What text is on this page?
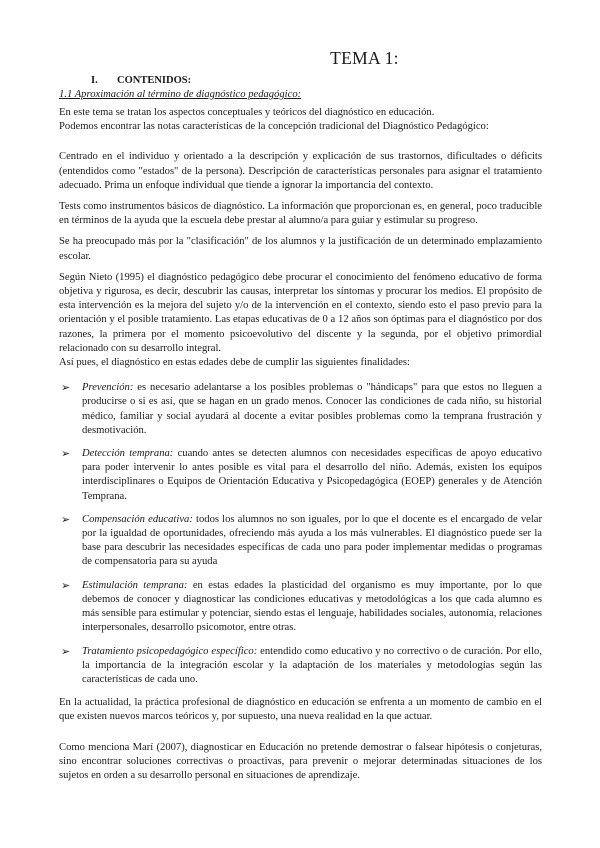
TEMA 1:
I. CONTENIDOS:
1.1 Aproximación al término de diagnóstico pedagógico:

En este tema se tratan los aspectos conceptuales y teóricos del diagnóstico en educación.

Podemos encontrar las notas características de la concepción tradicional del Diagnóstico Pedagógico:

Centrado en el individuo y orientado a la descripción y explicación de sus trastornos, dificultades o déficits (entendidos como "estados" de la persona). Descripción de características personales para asignar el tratamiento adecuado. Prima un enfoque individual que tiende a ignorar la importancia del contexto.

Tests como instrumentos básicos de diagnóstico. La información que proporcionan es, en general, poco traducible en términos de la ayuda que la escuela debe prestar al alumno/a para guiar y estimular su progreso.

Se ha preocupado más por la "clasificación" de los alumnos y la justificación de un determinado emplazamiento escolar.

Según Nieto (1995) el diagnóstico pedagógico debe procurar el conocimiento del fenómeno educativo de forma objetiva y rigurosa, es decir, descubrir las causas, interpretar los síntomas y procurar los medios. El propósito de esta intervención es la mejora del sujeto y/o de la intervención en el contexto, siendo esto el paso previo para la orientación y el posible tratamiento. Las etapas educativas de 0 a 12 años son óptimas para el diagnóstico por dos razones, la primera por el momento psicoevolutivo del discente y la segunda, por el objetivo primordial relacionado con su desarrollo integral.

Así pues, el diagnóstico en estas edades debe de cumplir las siguientes finalidades:

➢ Prevención: es necesario adelantarse a los posibles problemas o "hándicaps" para que estos no lleguen a producirse o si es así, que se hagan en un grado menos. Conocer las condiciones de cada niño, su historial médico, familiar y social ayudará al docente a evitar posibles problemas como la temprana frustración y desmotivación.
➢ Detección temprana: cuando antes se detecten alumnos con necesidades específicas de apoyo educativo para poder intervenir lo antes posible es vital para el desarrollo del niño. Además, existen los equipos interdisciplinares o Equipos de Orientación Educativa y Psicopedagógica (EOEP) generales y de Atención Temprana.
➢ Compensación educativa: todos los alumnos no son iguales, por lo que el docente es el encargado de velar por la igualdad de oportunidades, ofreciendo más ayuda a los más vulnerables. El diagnóstico puede ser la base para descubrir las necesidades específicas de cada uno para poder implementar medidas o programas de compensatoria para su ayuda
➢ Estimulación temprana: en estas edades la plasticidad del organismo es muy importante, por lo que debemos de conocer y diagnosticar las condiciones educativas y metodológicas a los que cada alumno es más sensible para estimular y potenciar, siendo estas el lenguaje, habilidades sociales, autonomía, relaciones interpersonales, desarrollo psicomotor, entre otras.
➢ Tratamiento psicopedagógico específico: entendido como educativo y no correctivo o de curación. Por ello, la importancia de la integración escolar y la adaptación de los materiales y metodologías según las características de cada uno.

En la actualidad, la práctica profesional de diagnóstico en educación se enfrenta a un momento de cambio en el que existen nuevos marcos teóricos y, por supuesto, una nueva realidad en la que actuar.

Como menciona Marí (2007), diagnosticar en Educación no pretende demostrar o falsear hipótesis o conjeturas, sino encontrar soluciones correctivas o proactivas, para prevenir o mejorar determinadas situaciones de los sujetos en orden a su desarrollo personal en situaciones de aprendizaje.
